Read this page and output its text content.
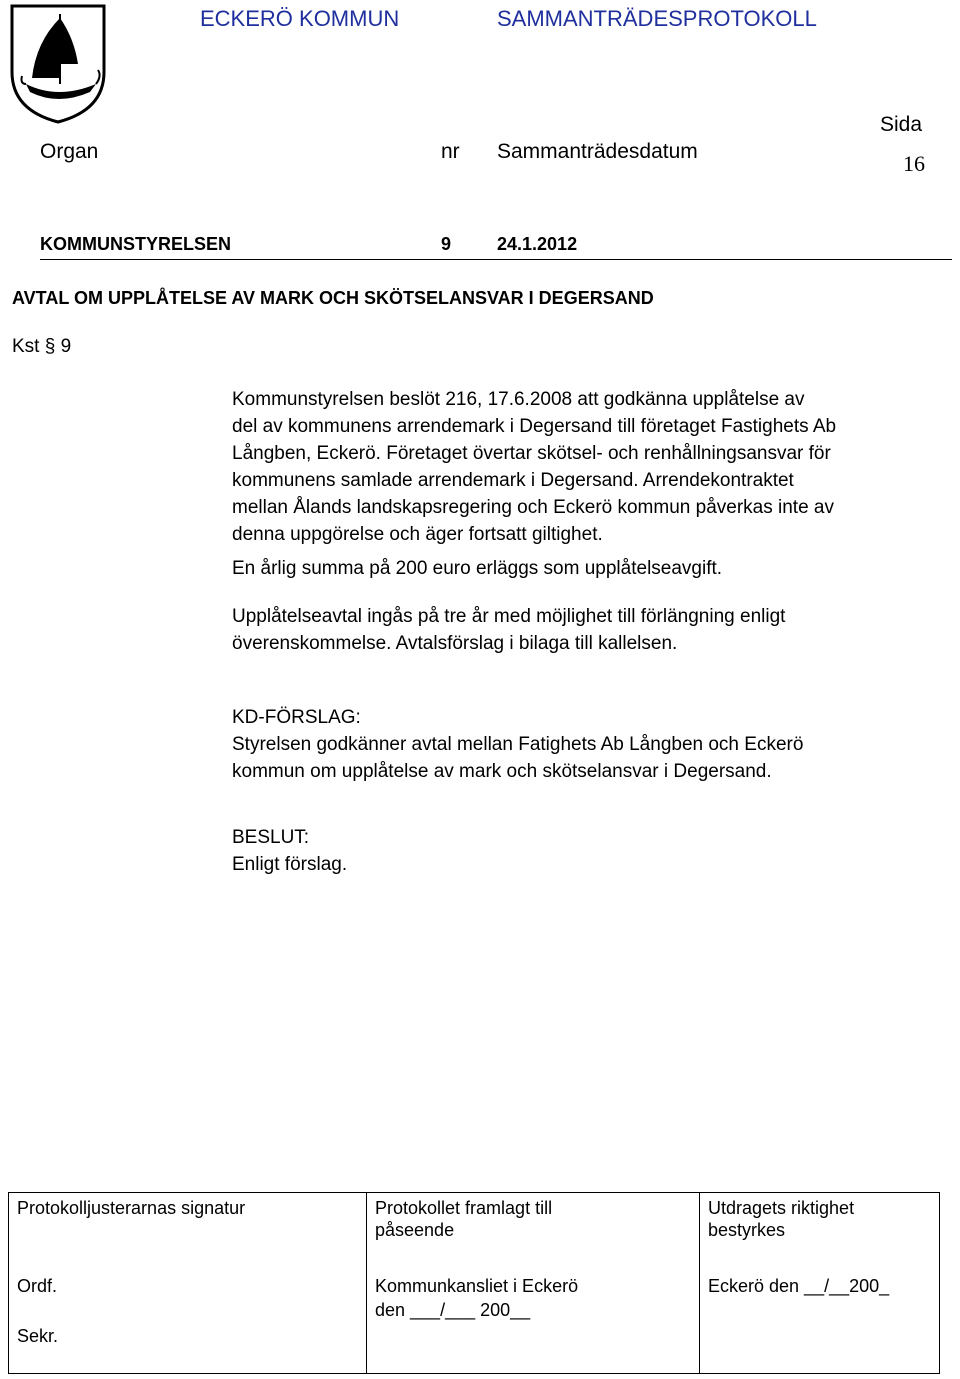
ECKERÖ KOMMUN	SAMMANTRÄDESPROTOKOLL
Organ	nr Sammanträdesdatum
Sida
16
KOMMUNSTYRELSEN	9	24.1.2012
AVTAL OM UPPLÅTELSE AV MARK OCH SKÖTSELANSVAR I DEGERSAND
Kst § 9

Kommunstyrelsen beslöt 216, 17.6.2008 att godkänna upplåtelse av

del av kommunens arrendemark i Degersand till företaget Fastighets Ab

Långben, Eckerö. Företaget övertar skötsel- och renhållningsansvar för

kommunens samlade arrendemark i Degersand. Arrendekontraktet

mellan Ålands landskapsregering och Eckerö kommun påverkas inte av

denna uppgörelse och äger fortsatt giltighet.

En årlig summa på 200 euro erläggs som upplåtelseavgift.

Upplåtelseavtal ingås på tre år med möjlighet till förlängning enligt

överenskommelse. Avtalsförslag i bilaga till kallelsen.

KD-FÖRSLAG:

Styrelsen godkänner avtal mellan Fatighets Ab Långben och Eckerö

kommun om upplåtelse av mark och skötselansvar i Degersand.

BESLUT:

Enligt förslag.

Protokolljusterarnas signatur
Ordf.
Sekr.
Protokollet framlagt till
påseende
Kommunkansliet i Eckerö
den ___/___ 200__
Utdragets riktighet
bestyrkes
Eckerö den __/__200_
